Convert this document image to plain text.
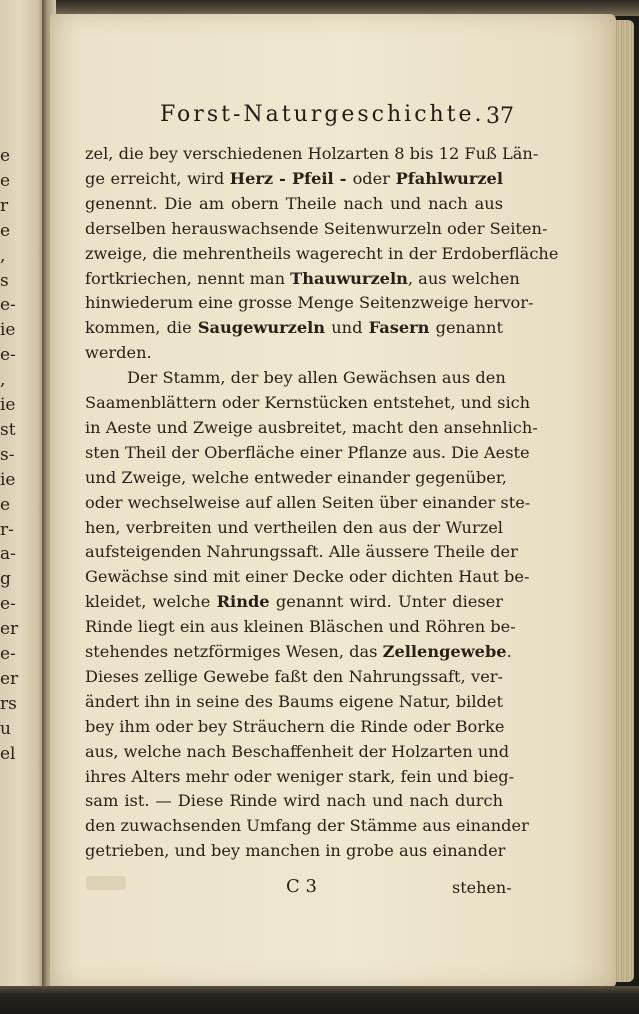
Forst-Naturgeschichte. 37
zel, die bey verschiedenen Holzarten 8 bis 12 Fuß Län-
ge erreicht, wird Herz - Pfeil - oder Pfahlwurzel
genennt. Die am obern Theile nach und nach aus
derselben herauswachsende Seitenwurzeln oder Seiten-
zweige, die mehrentheils wagerecht in der Erdoberfläche
fortkriechen, nennt man Thauwurzeln, aus welchen
hinwiederum eine grosse Menge Seitenzweige hervor-
kommen, die Saugewurzeln und Fasern genannt
werden.
Der Stamm, der bey allen Gewächsen aus den
Saamenblättern oder Kernstücken entstehet, und sich
in Aeste und Zweige ausbreitet, macht den ansehnlich-
sten Theil der Oberfläche einer Pflanze aus. Die Aeste
und Zweige, welche entweder einander gegenüber,
oder wechselweise auf allen Seiten über einander ste-
hen, verbreiten und vertheilen den aus der Wurzel
aufsteigenden Nahrungssaft. Alle äussere Theile der
Gewächse sind mit einer Decke oder dichten Haut be-
kleidet, welche Rinde genannt wird. Unter dieser
Rinde liegt ein aus kleinen Bläschen und Röhren be-
stehendes netzförmiges Wesen, das Zellengewebe.
Dieses zellige Gewebe faßt den Nahrungssaft, ver-
ändert ihn in seine des Baums eigene Natur, bildet
bey ihm oder bey Sträuchern die Rinde oder Borke
aus, welche nach Beschaffenheit der Holzarten und
ihres Alters mehr oder weniger stark, fein und bieg-
sam ist. — Diese Rinde wird nach und nach durch
den zuwachsenden Umfang der Stämme aus einander
getrieben, und bey manchen in grobe aus einander
C 3	stehen-
e
e
r
e
,
s
e-
ie
e-
,
ie
st
s-
ie
e
r-
a-
g
e-
er
e-
er
rs
u
el
